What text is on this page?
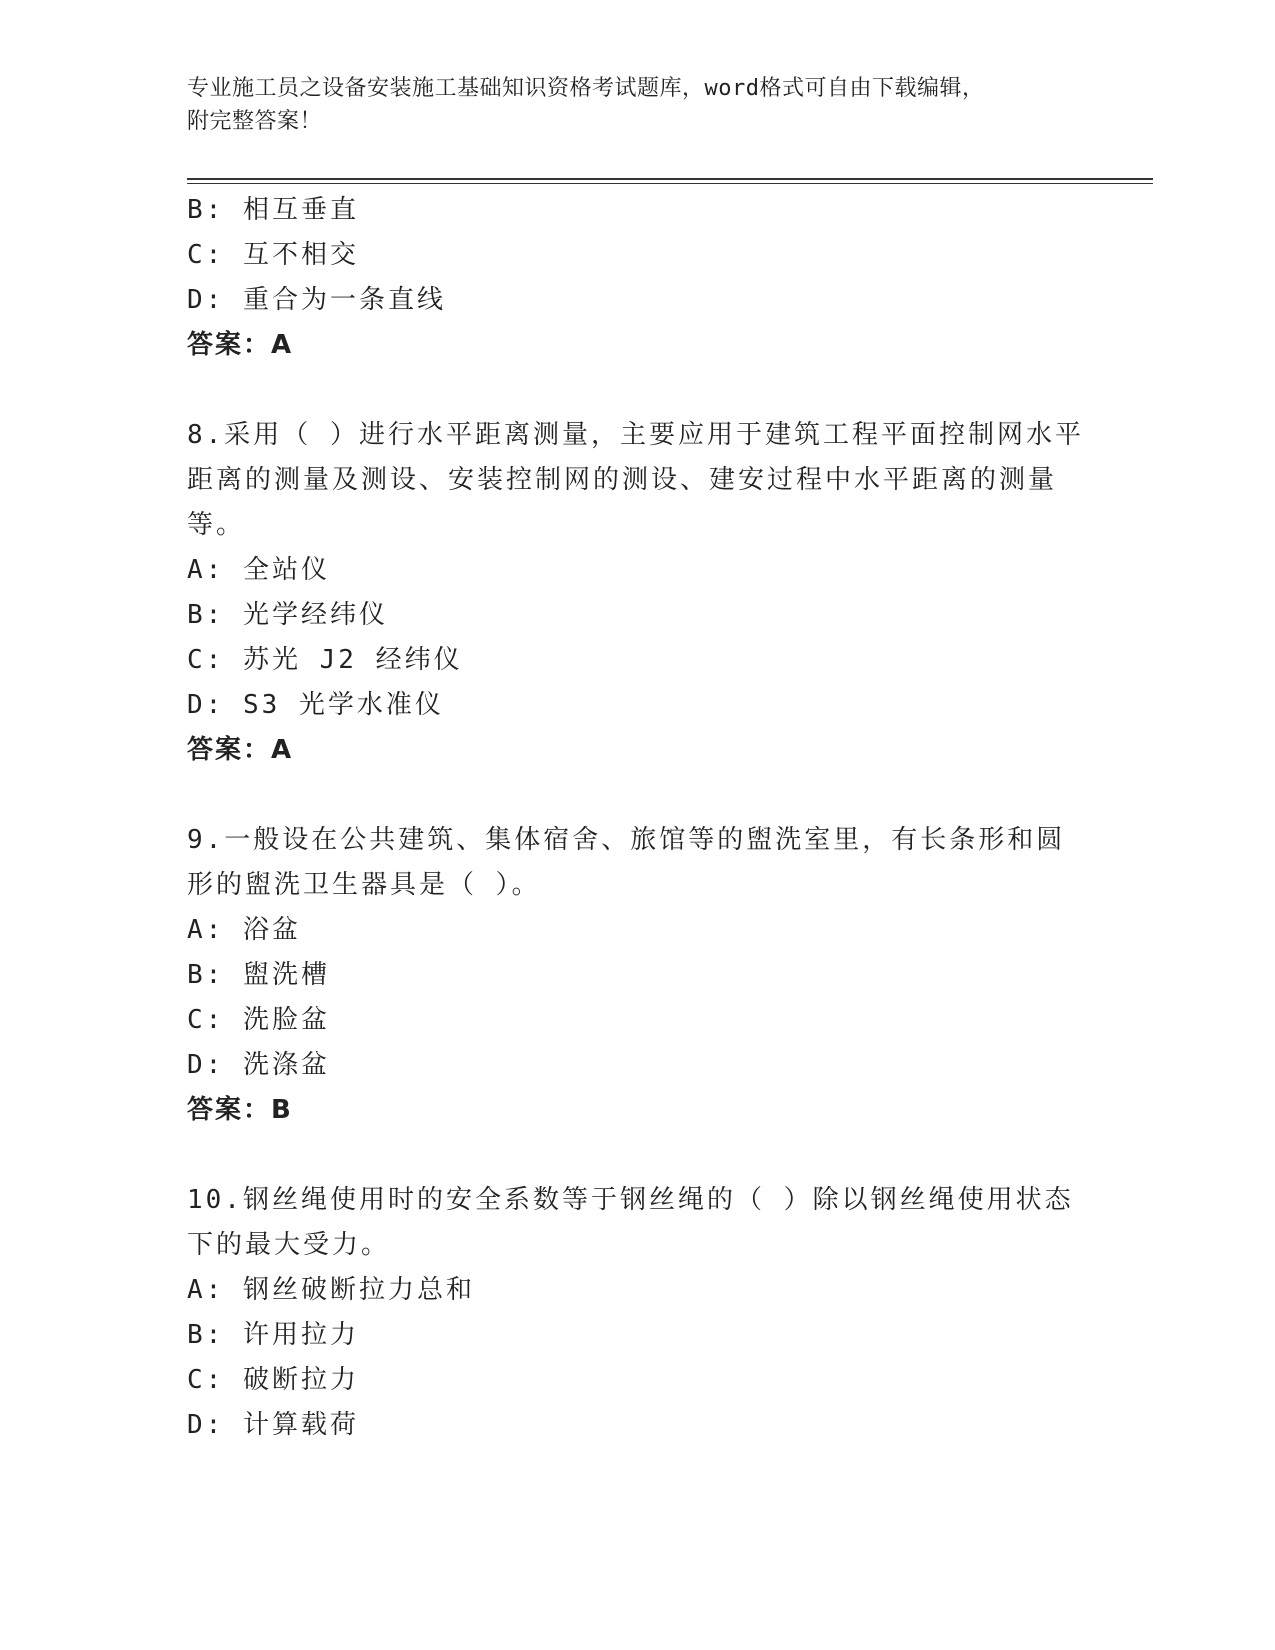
专业施工员之设备安装施工基础知识资格考试题库，word格式可自由下载编辑，
附完整答案！
B: 相互垂直
C: 互不相交
D: 重合为一条直线
答案：A
8.采用（ ）进行水平距离测量，主要应用于建筑工程平面控制网水平
距离的测量及测设、安装控制网的测设、建安过程中水平距离的测量
等。
A: 全站仪
B: 光学经纬仪
C: 苏光 J2 经纬仪
D: S3 光学水准仪
答案：A
9.一般设在公共建筑、集体宿舍、旅馆等的盥洗室里，有长条形和圆
形的盥洗卫生器具是（ ）。
A: 浴盆
B: 盥洗槽
C: 洗脸盆
D: 洗涤盆
答案：B
10.钢丝绳使用时的安全系数等于钢丝绳的（ ）除以钢丝绳使用状态
下的最大受力。
A: 钢丝破断拉力总和
B: 许用拉力
C: 破断拉力
D: 计算载荷
